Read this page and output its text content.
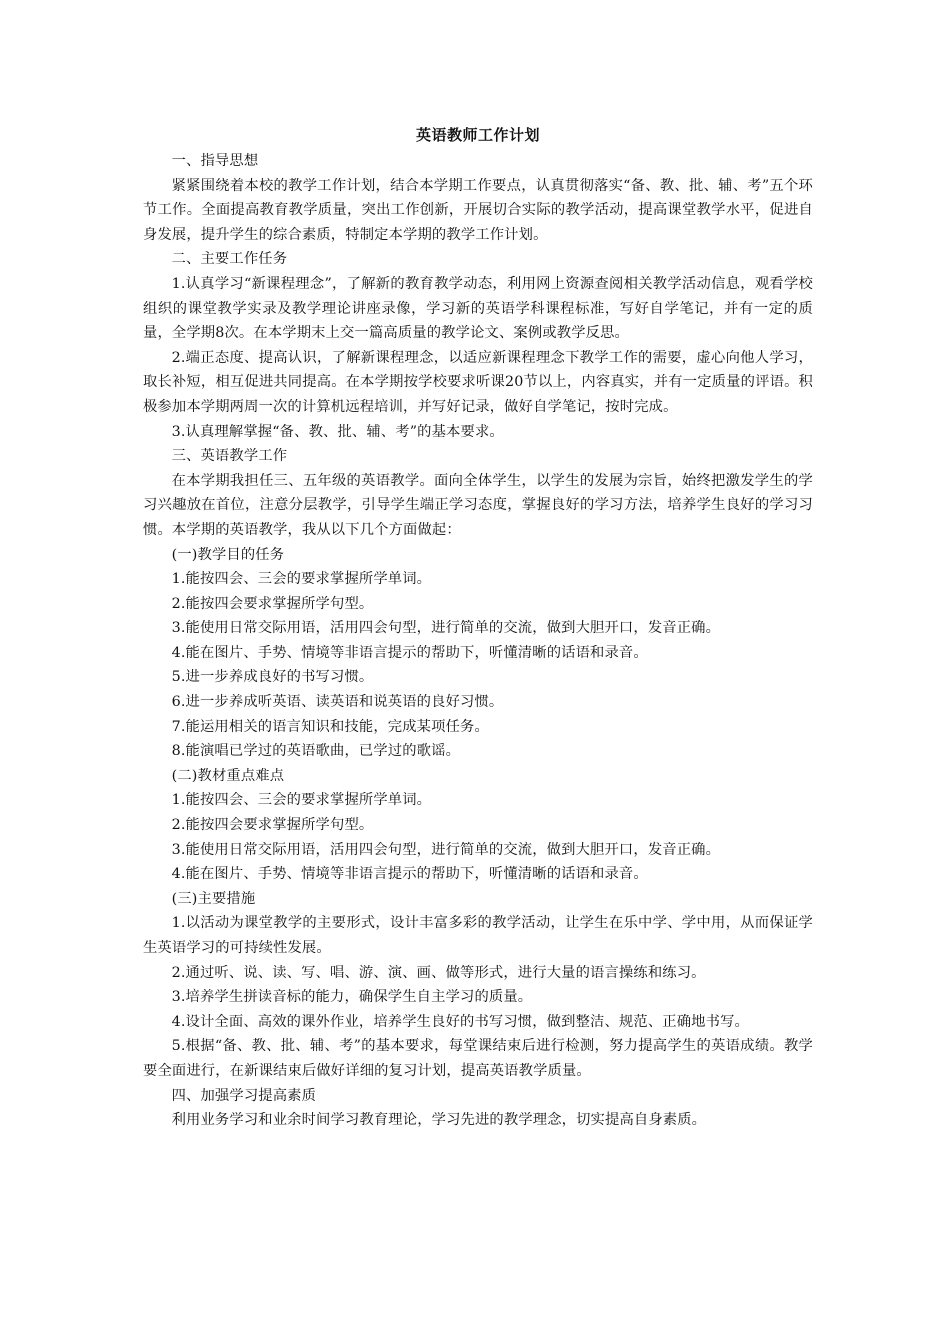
英语教师工作计划

一、指导思想

紧紧围绕着本校的教学工作计划，结合本学期工作要点，认真贯彻落实“备、教、批、辅、考”五个环节工作。全面提高教育教学质量，突出工作创新，开展切合实际的教学活动，提高课堂教学水平，促进自身发展，提升学生的综合素质，特制定本学期的教学工作计划。

二、主要工作任务

1.认真学习“新课程理念”，了解新的教育教学动态，利用网上资源查阅相关教学活动信息，观看学校组织的课堂教学实录及教学理论讲座录像，学习新的英语学科课程标准，写好自学笔记，并有一定的质量，全学期8次。在本学期末上交一篇高质量的教学论文、案例或教学反思。

2.端正态度、提高认识，了解新课程理念，以适应新课程理念下教学工作的需要，虚心向他人学习，取长补短，相互促进共同提高。在本学期按学校要求听课20节以上，内容真实，并有一定质量的评语。积极参加本学期两周一次的计算机远程培训，并写好记录，做好自学笔记，按时完成。

3.认真理解掌握“备、教、批、辅、考”的基本要求。

三、英语教学工作

在本学期我担任三、五年级的英语教学。面向全体学生，以学生的发展为宗旨，始终把激发学生的学习兴趣放在首位，注意分层教学，引导学生端正学习态度，掌握良好的学习方法，培养学生良好的学习习惯。本学期的英语教学，我从以下几个方面做起：

(一)教学目的任务

1.能按四会、三会的要求掌握所学单词。

2.能按四会要求掌握所学句型。

3.能使用日常交际用语，活用四会句型，进行简单的交流，做到大胆开口，发音正确。

4.能在图片、手势、情境等非语言提示的帮助下，听懂清晰的话语和录音。

5.进一步养成良好的书写习惯。

6.进一步养成听英语、读英语和说英语的良好习惯。

7.能运用相关的语言知识和技能，完成某项任务。

8.能演唱已学过的英语歌曲，已学过的歌谣。

(二)教材重点难点

1.能按四会、三会的要求掌握所学单词。

2.能按四会要求掌握所学句型。

3.能使用日常交际用语，活用四会句型，进行简单的交流，做到大胆开口，发音正确。

4.能在图片、手势、情境等非语言提示的帮助下，听懂清晰的话语和录音。

(三)主要措施

1.以活动为课堂教学的主要形式，设计丰富多彩的教学活动，让学生在乐中学、学中用，从而保证学生英语学习的可持续性发展。

2.通过听、说、读、写、唱、游、演、画、做等形式，进行大量的语言操练和练习。

3.培养学生拼读音标的能力，确保学生自主学习的质量。

4.设计全面、高效的课外作业，培养学生良好的书写习惯，做到整洁、规范、正确地书写。

5.根据“备、教、批、辅、考”的基本要求，每堂课结束后进行检测，努力提高学生的英语成绩。教学要全面进行，在新课结束后做好详细的复习计划，提高英语教学质量。

四、加强学习提高素质

利用业务学习和业余时间学习教育理论，学习先进的教学理念，切实提高自身素质。
